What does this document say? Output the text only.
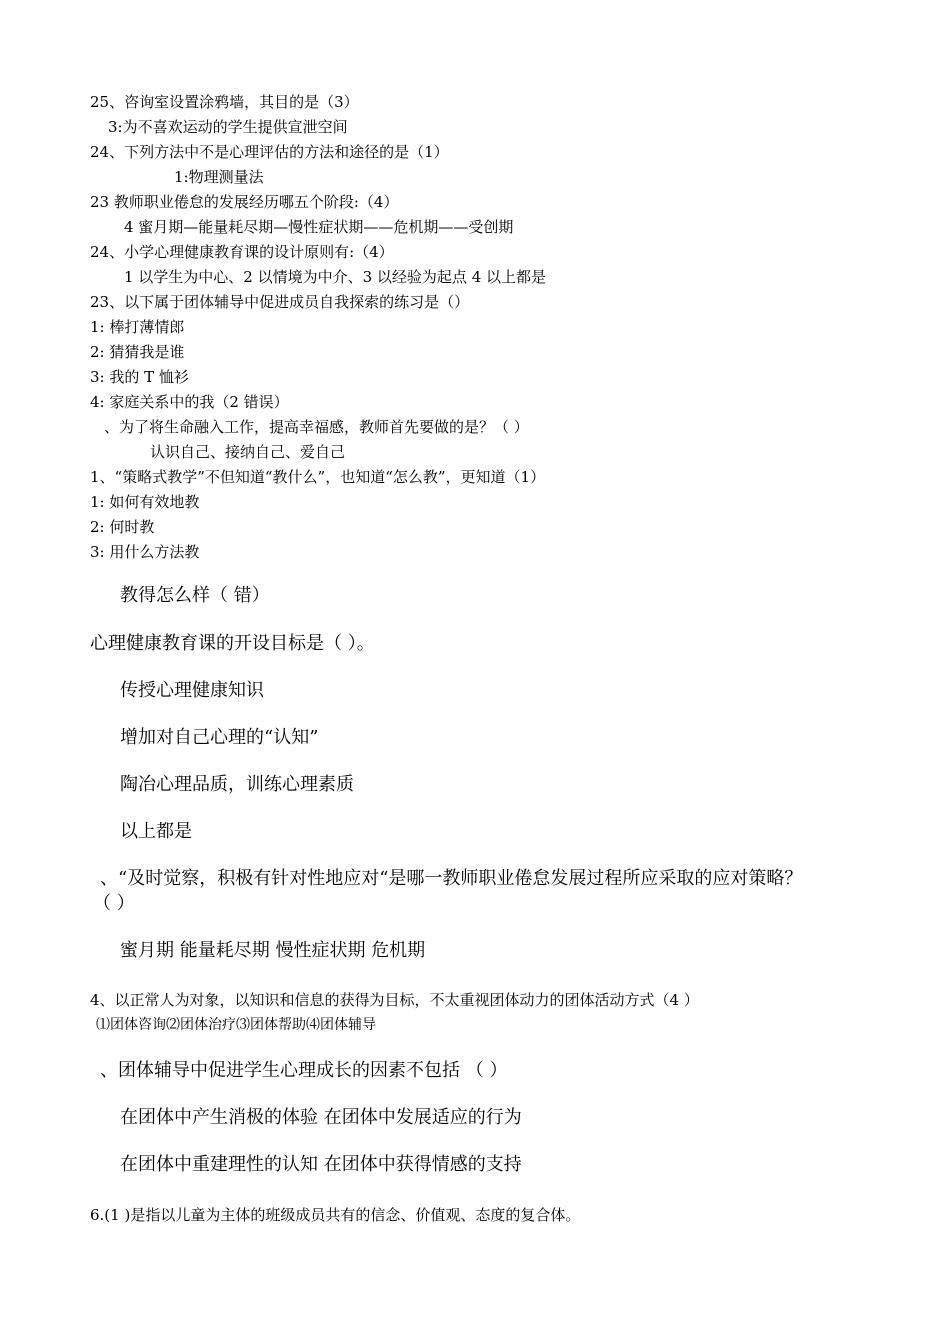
25、咨询室设置涂鸦墙，其目的是（3）

3:为不喜欢运动的学生提供宣泄空间

24、下列方法中不是心理评估的方法和途径的是（1）

1:物理测量法

23 教师职业倦怠的发展经历哪五个阶段:（4）

4 蜜月期—能量耗尽期—慢性症状期——危机期——受创期

24、小学心理健康教育课的设计原则有:（4）

1 以学生为中心、2 以情境为中介、3 以经验为起点 4 以上都是

23、以下属于团体辅导中促进成员自我探索的练习是（）

1: 棒打薄情郎

2: 猜猜我是谁

3: 我的 T 恤衫

4: 家庭关系中的我（2 错误）

、为了将生命融入工作，提高幸福感，教师首先要做的是？（ ）

认识自己、接纳自己、爱自己

1、“策略式教学”不但知道“教什么”，也知道“怎么教”，更知道（1）

1: 如何有效地教

2: 何时教

3: 用什么方法教

教得怎么样（ 错）

心理健康教育课的开设目标是（ ）。

传授心理健康知识

增加对自己心理的“认知”

陶冶心理品质，训练心理素质

以上都是

、“及时觉察，积极有针对性地应对“是哪一教师职业倦怠发展过程所应采取的应对策略？

（ ）

蜜月期 能量耗尽期 慢性症状期 危机期

4、以正常人为对象，以知识和信息的获得为目标，不太重视团体动力的团体活动方式（4 ）

⑴团体咨询⑵团体治疗⑶团体帮助⑷团体辅导

、团体辅导中促进学生心理成长的因素不包括 （ ）

在团体中产生消极的体验 在团体中发展适应的行为

在团体中重建理性的认知 在团体中获得情感的支持

6.(1 )是指以儿童为主体的班级成员共有的信念、价值观、态度的复合体。
